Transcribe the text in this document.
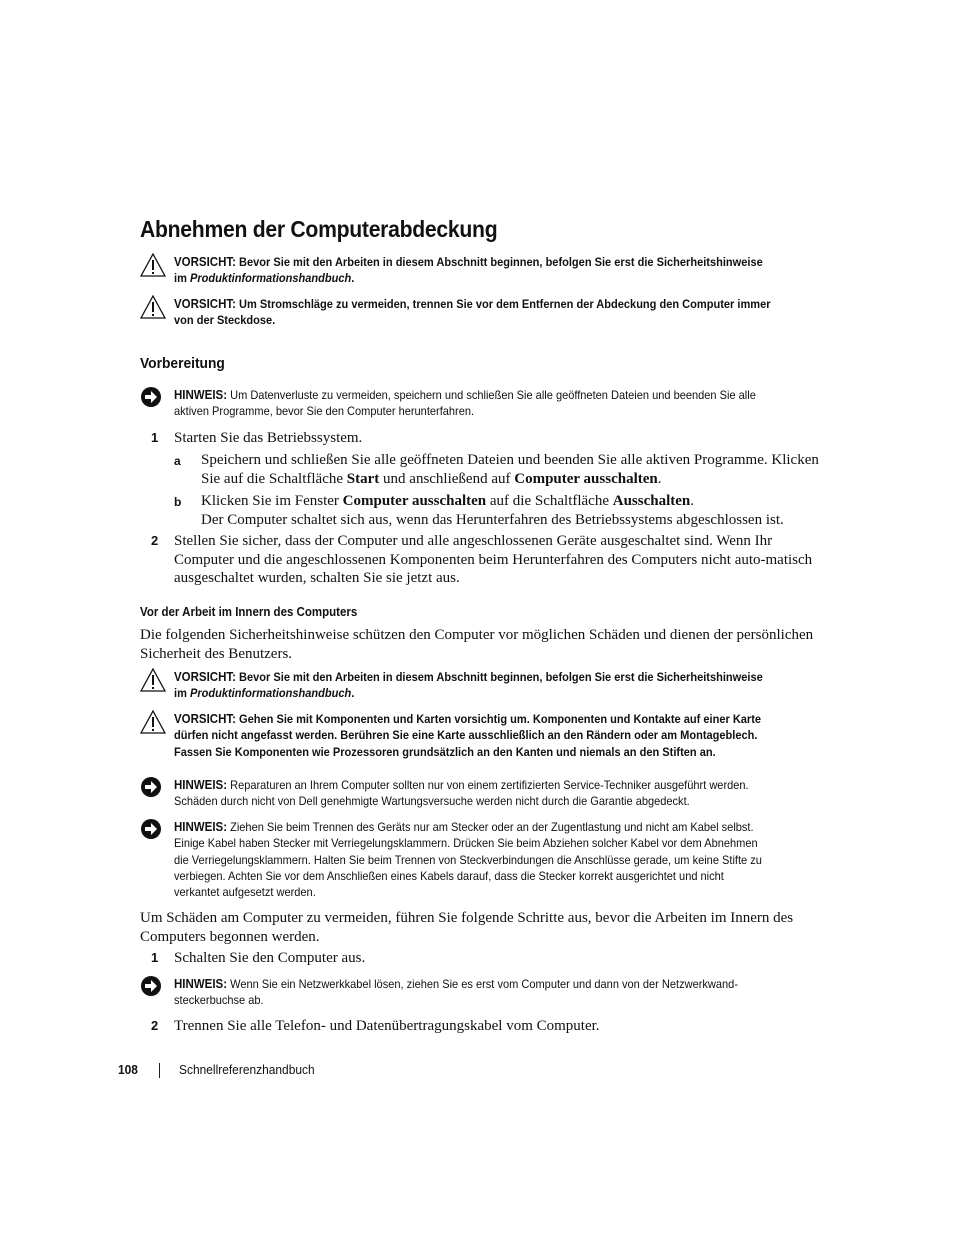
Abnehmen der Computerabdeckung
VORSICHT: Bevor Sie mit den Arbeiten in diesem Abschnitt beginnen, befolgen Sie erst die Sicherheitshinweise im Produktinformationshandbuch.
VORSICHT: Um Stromschläge zu vermeiden, trennen Sie vor dem Entfernen der Abdeckung den Computer immer von der Steckdose.
Vorbereitung
HINWEIS: Um Datenverluste zu vermeiden, speichern und schließen Sie alle geöffneten Dateien und beenden Sie alle aktiven Programme, bevor Sie den Computer herunterfahren.
1 Starten Sie das Betriebssystem.
a Speichern und schließen Sie alle geöffneten Dateien und beenden Sie alle aktiven Programme. Klicken Sie auf die Schaltfläche Start und anschließend auf Computer ausschalten.
b Klicken Sie im Fenster Computer ausschalten auf die Schaltfläche Ausschalten.
Der Computer schaltet sich aus, wenn das Herunterfahren des Betriebssystems abgeschlossen ist.
2 Stellen Sie sicher, dass der Computer und alle angeschlossenen Geräte ausgeschaltet sind. Wenn Ihr Computer und die angeschlossenen Komponenten beim Herunterfahren des Computers nicht auto-matisch ausgeschaltet wurden, schalten Sie sie jetzt aus.
Vor der Arbeit im Innern des Computers
Die folgenden Sicherheitshinweise schützen den Computer vor möglichen Schäden und dienen der persönlichen Sicherheit des Benutzers.
VORSICHT: Bevor Sie mit den Arbeiten in diesem Abschnitt beginnen, befolgen Sie erst die Sicherheitshinweise im Produktinformationshandbuch.
VORSICHT: Gehen Sie mit Komponenten und Karten vorsichtig um. Komponenten und Kontakte auf einer Karte dürfen nicht angefasst werden. Berühren Sie eine Karte ausschließlich an den Rändern oder am Montageblech. Fassen Sie Komponenten wie Prozessoren grundsätzlich an den Kanten und niemals an den Stiften an.
HINWEIS: Reparaturen an Ihrem Computer sollten nur von einem zertifizierten Service-Techniker ausgeführt werden. Schäden durch nicht von Dell genehmigte Wartungsversuche werden nicht durch die Garantie abgedeckt.
HINWEIS: Ziehen Sie beim Trennen des Geräts nur am Stecker oder an der Zugentlastung und nicht am Kabel selbst. Einige Kabel haben Stecker mit Verriegelungsklammern. Drücken Sie beim Abziehen solcher Kabel vor dem Abnehmen die Verriegelungsklammern. Halten Sie beim Trennen von Steckverbindungen die Anschlüsse gerade, um keine Stifte zu verbiegen. Achten Sie vor dem Anschließen eines Kabels darauf, dass die Stecker korrekt ausgerichtet und nicht verkantet aufgesetzt werden.
Um Schäden am Computer zu vermeiden, führen Sie folgende Schritte aus, bevor die Arbeiten im Innern des Computers begonnen werden.
1 Schalten Sie den Computer aus.
HINWEIS: Wenn Sie ein Netzwerkkabel lösen, ziehen Sie es erst vom Computer und dann von der Netzwerkwand-steckerbuchse ab.
2 Trennen Sie alle Telefon- und Datenübertragungskabel vom Computer.
108	Schnellreferenzhandbuch
